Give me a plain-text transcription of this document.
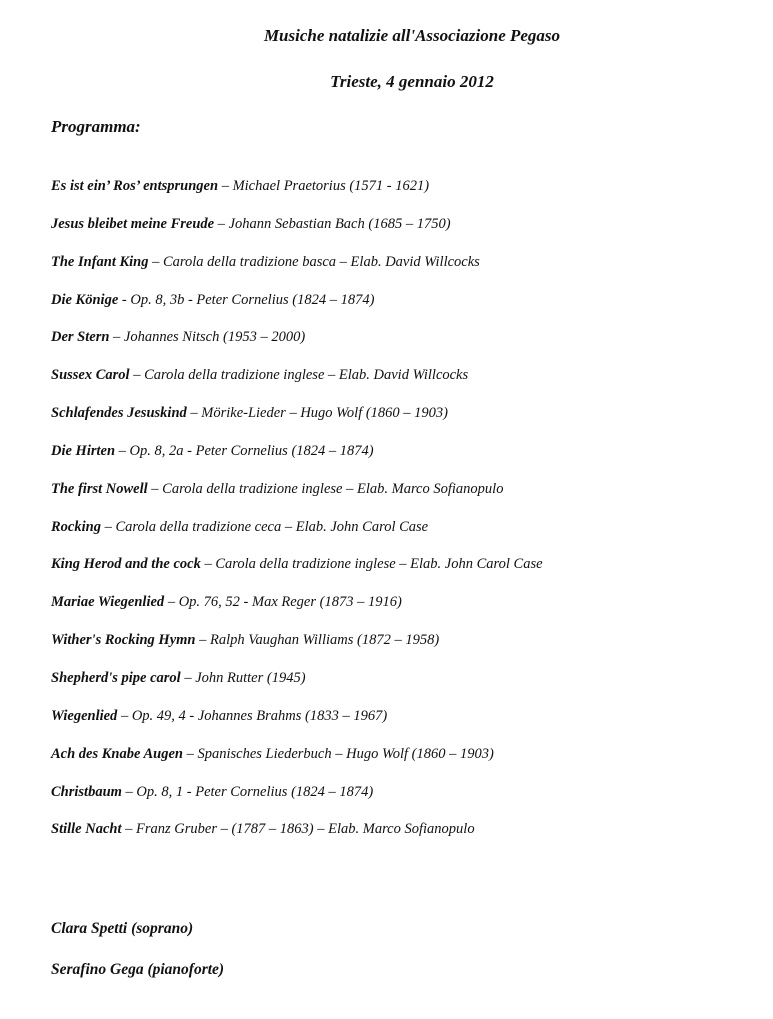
Musiche natalizie all'Associazione Pegaso

Trieste, 4 gennaio 2012

Programma:

Es ist ein’ Ros’ entsprungen – Michael Praetorius (1571 - 1621)
Jesus bleibet meine Freude – Johann Sebastian Bach (1685 – 1750)
The Infant King – Carola della tradizione basca – Elab. David Willcocks
Die Könige - Op. 8, 3b - Peter Cornelius (1824 – 1874)
Der Stern – Johannes Nitsch (1953 – 2000)
Sussex Carol – Carola della tradizione inglese – Elab. David Willcocks
Schlafendes Jesuskind – Mörike-Lieder – Hugo Wolf (1860 – 1903)
Die Hirten – Op. 8, 2a - Peter Cornelius (1824 – 1874)
The first Nowell – Carola della tradizione inglese – Elab. Marco Sofianopulo
Rocking – Carola della tradizione ceca – Elab. John Carol Case
King Herod and the cock – Carola della tradizione inglese – Elab. John Carol Case
Mariae Wiegenlied – Op. 76, 52 - Max Reger (1873 – 1916)
Wither's Rocking Hymn – Ralph Vaughan Williams (1872 – 1958)
Shepherd's pipe carol – John Rutter (1945)
Wiegenlied – Op. 49, 4 - Johannes Brahms (1833 – 1967)
Ach des Knabe Augen – Spanisches Liederbuch – Hugo Wolf (1860 – 1903)
Christbaum – Op. 8, 1 - Peter Cornelius (1824 – 1874)
Stille Nacht – Franz Gruber – (1787 – 1863) – Elab. Marco Sofianopulo

Clara Spetti (soprano)

Serafino Gega (pianoforte)
